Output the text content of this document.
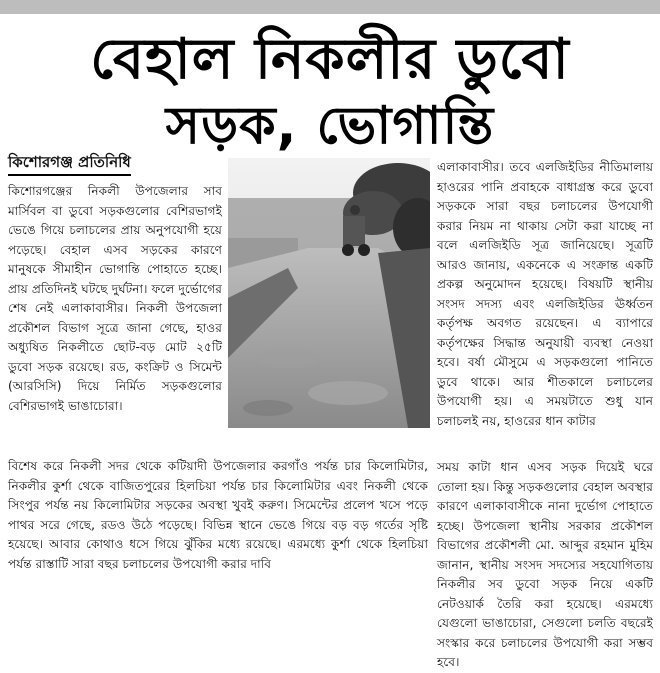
বেহাল নিকলীর ডুবো
সড়ক, ভোগান্তি
কিশোরগঞ্জ প্রতিনিধি

কিশোরগঞ্জের নিকলী উপজেলার সাব মার্সিবল বা ডুবো সড়কগুলোর বেশিরভাগই ভেঙে গিয়ে চলাচলের প্রায় অনুপযোগী হয়ে পড়েছে। বেহাল এসব সড়কের কারণে মানুষকে সীমাহীন ভোগান্তি পোহাতে হচ্ছে। প্রায় প্রতিদিনই ঘটছে দুর্ঘটনা। ফলে দুর্ভোগের শেষ নেই এলাকাবাসীর। নিকলী উপজেলা প্রকৌশল বিভাগ সূত্রে জানা গেছে, হাওর অধ্যুষিত নিকলীতে ছোট-বড় মোট ২৫টি ডুবো সড়ক রয়েছে। রড, কংক্রিট ও সিমেন্ট (আরসিসি) দিয়ে নির্মিত সড়কগুলোর বেশিরভাগই ভাঙাচোরা।

এলাকাবাসীর। তবে এলজিইডির নীতিমালায় হাওরের পানি প্রবাহকে বাধাগ্রস্ত করে ডুবো সড়ককে সারা বছর চলাচলের উপযোগী করার নিয়ম না থাকায় সেটা করা যাচ্ছে না বলে এলজিইডি সূত্র জানিয়েছে। সূত্রটি আরও জানায়, একনেকে এ সংক্রান্ত একটি প্রকল্প অনুমোদন হয়েছে। বিষয়টি স্থানীয় সংসদ সদস্য এবং এলজিইডির ঊর্ধ্বতন কর্তৃপক্ষ অবগত রয়েছেন। এ ব্যাপারে কর্তৃপক্ষের সিদ্ধান্ত অনুযায়ী ব্যবস্থা নেওয়া হবে। বর্ষা মৌসুমে এ সড়কগুলো পানিতে ডুবে থাকে। আর শীতকালে চলাচলের উপযোগী হয়। এ সময়টাতে শুধু যান চলাচলই নয়, হাওরের ধান কাটার

বিশেষ করে নিকলী সদর থেকে কটিয়াদী উপজেলার করগাঁও পর্যন্ত চার কিলোমিটার, নিকলীর কুর্শা থেকে বাজিতপুরের হিলচিয়া পর্যন্ত চার কিলোমিটার এবং নিকলী থেকে সিংপুর পর্যন্ত নয় কিলোমিটার সড়কের অবস্থা খুবই করুণ। সিমেন্টের প্রলেপ খসে পড়ে পাথর সরে গেছে, রডও উঠে পড়েছে। বিভিন্ন স্থানে ভেঙে গিয়ে বড় বড় গর্তের সৃষ্টি হয়েছে। আবার কোথাও ধসে গিয়ে ঝুঁকির মধ্যে রয়েছে। এরমধ্যে কুর্শা থেকে হিলচিয়া পর্যন্ত রাস্তাটি সারা বছর চলাচলের উপযোগী করার দাবি

সময় কাটা ধান এসব সড়ক দিয়েই ঘরে তোলা হয়। কিন্তু সড়কগুলোর বেহাল অবস্থার কারণে এলাকাবাসীকে নানা দুর্ভোগ পোহাতে হচ্ছে। উপজেলা স্থানীয় সরকার প্রকৌশল বিভাগের প্রকৌশলী মো. আব্দুর রহমান মুহিম জানান, স্থানীয় সংসদ সদস্যের সহযোগিতায় নিকলীর সব ডুবো সড়ক নিয়ে একটি নেটওয়ার্ক তৈরি করা হয়েছে। এরমধ্যে যেগুলো ভাঙাচোরা, সেগুলো চলতি বছরেই সংস্কার করে চলাচলের উপযোগী করা সম্ভব হবে।
